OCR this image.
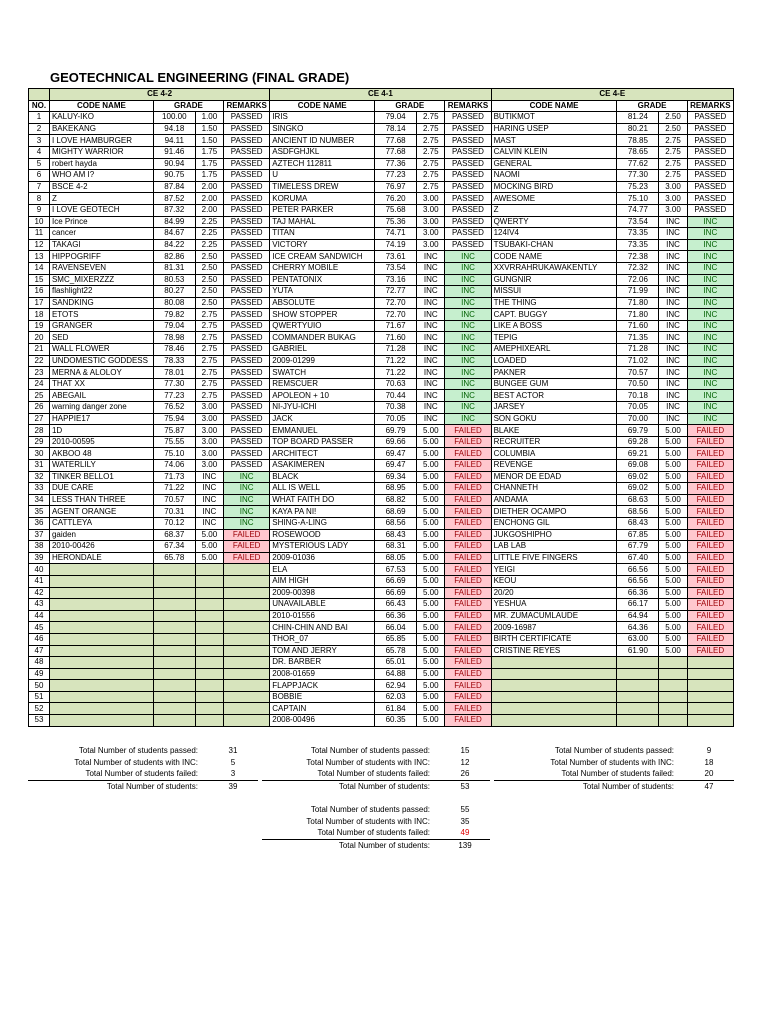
GEOTECHNICAL ENGINEERING (FINAL GRADE)
	CE 4-2				CE 4-1				CE 4-E			
NO.	CODE NAME	GRADE		REMARKS	CODE NAME	GRADE		REMARKS	CODE NAME	GRADE		REMARKS
1	KALUY-IKO	100.00	1.00	PASSED	IRIS	79.04	2.75	PASSED	BUTIKMOT	81.24	2.50	PASSED
2	BAKEKANG	94.18	1.50	PASSED	SINGKO	78.14	2.75	PASSED	HARING USEP	80.21	2.50	PASSED
3	I LOVE HAMBURGER	94.11	1.50	PASSED	ANCIENT ID NUMBER	77.68	2.75	PASSED	MAST	78.85	2.75	PASSED
4	MIGHTY WARRIOR	91.46	1.75	PASSED	ASDFGHJKL	77.68	2.75	PASSED	CALVIN KLEIN	78.65	2.75	PASSED
5	robert hayda	90.94	1.75	PASSED	AZTECH 112811	77.36	2.75	PASSED	GENERAL	77.62	2.75	PASSED
6	WHO AM I?	90.75	1.75	PASSED	U	77.23	2.75	PASSED	NAOMI	77.30	2.75	PASSED
7	BSCE 4-2	87.84	2.00	PASSED	TIMELESS DREW	76.97	2.75	PASSED	MOCKING BIRD	75.23	3.00	PASSED
8	Z	87.52	2.00	PASSED	KORUMA	76.20	3.00	PASSED	AWESOME	75.10	3.00	PASSED
9	I LOVE GEOTECH	87.32	2.00	PASSED	PETER PARKER	75.68	3.00	PASSED	Z	74.77	3.00	PASSED
10	Ice Prince	84.99	2.25	PASSED	TAJ MAHAL	75.36	3.00	PASSED	QWERTY	73.54	INC	INC
11	cancer	84.67	2.25	PASSED	TITAN	74.71	3.00	PASSED	124IV4	73.35	INC	INC
12	TAKAGI	84.22	2.25	PASSED	VICTORY	74.19	3.00	PASSED	TSUBAKI-CHAN	73.35	INC	INC
13	HIPPOGRIFF	82.86	2.50	PASSED	ICE CREAM SANDWICH	73.61	INC	INC	CODE NAME	72.38	INC	INC
14	RAVENSEVEN	81.31	2.50	PASSED	CHERRY MOBILE	73.54	INC	INC	XXVRRAHRUKAWAKENTLY	72.32	INC	INC
15	SMC_MIXERZZZ	80.53	2.50	PASSED	PENTATONIX	73.16	INC	INC	GUNGNIR	72.06	INC	INC
16	flashlight22	80.27	2.50	PASSED	YUTA	72.77	INC	INC	MISSUI	71.99	INC	INC
17	SANDKING	80.08	2.50	PASSED	ABSOLUTE	72.70	INC	INC	THE THING	71.80	INC	INC
18	ETOTS	79.82	2.75	PASSED	SHOW STOPPER	72.70	INC	INC	CAPT. BUGGY	71.80	INC	INC
19	GRANGER	79.04	2.75	PASSED	QWERTYUIO	71.67	INC	INC	LIKE A BOSS	71.60	INC	INC
20	SED	78.98	2.75	PASSED	COMMANDER BUKAG	71.60	INC	INC	TEPIG	71.35	INC	INC
21	WALL FLOWER	78.46	2.75	PASSED	GABRIEL	71.28	INC	INC	AMEPHIXEARL	71.28	INC	INC
22	UNDOMESTIC GODDESS	78.33	2.75	PASSED	2009-01299	71.22	INC	INC	LOADED	71.02	INC	INC
23	MERNA & ALOLOY	78.01	2.75	PASSED	SWATCH	71.22	INC	INC	PAKNER	70.57	INC	INC
24	THAT XX	77.30	2.75	PASSED	REMSCUER	70.63	INC	INC	BUNGEE GUM	70.50	INC	INC
25	ABEGAIL	77.23	2.75	PASSED	APOLEON + 10	70.44	INC	INC	BEST ACTOR	70.18	INC	INC
26	warning danger zone	76.52	3.00	PASSED	NI-JYU-ICHI	70.38	INC	INC	JARSEY	70.05	INC	INC
27	HAPPIE17	75.94	3.00	PASSED	JACK	70.05	INC	INC	SON GOKU	70.00	INC	INC
28	1D	75.87	3.00	PASSED	EMMANUEL	69.79	5.00	FAILED	BLAKE	69.79	5.00	FAILED
29	2010-00595	75.55	3.00	PASSED	TOP BOARD PASSER	69.66	5.00	FAILED	RECRUITER	69.28	5.00	FAILED
30	AKBOO 48	75.10	3.00	PASSED	ARCHITECT	69.47	5.00	FAILED	COLUMBIA	69.21	5.00	FAILED
31	WATERLILY	74.06	3.00	PASSED	ASAKIMEREN	69.47	5.00	FAILED	REVENGE	69.08	5.00	FAILED
32	TINKER BELLO1	71.73	INC	INC	BLACK	69.34	5.00	FAILED	MENOR DE EDAD	69.02	5.00	FAILED
33	DUE CARE	71.22	INC	INC	ALL IS WELL	68.95	5.00	FAILED	CHANNETH	69.02	5.00	FAILED
34	LESS THAN THREE	70.57	INC	INC	WHAT FAITH DO	68.82	5.00	FAILED	ANDAMA	68.63	5.00	FAILED
35	AGENT ORANGE	70.31	INC	INC	KAYA PA NI!	68.69	5.00	FAILED	DIETHER OCAMPO	68.56	5.00	FAILED
36	CATTLEYA	70.12	INC	INC	SHING-A-LING	68.56	5.00	FAILED	ENCHONG GIL	68.43	5.00	FAILED
37	gaiden	68.37	5.00	FAILED	ROSEWOOD	68.43	5.00	FAILED	JUKGOSHIPHO	67.85	5.00	FAILED
38	2010-00426	67.34	5.00	FAILED	MYSTERIOUS LADY	68.31	5.00	FAILED	LAB LAB	67.79	5.00	FAILED
39	HERONDALE	65.78	5.00	FAILED	2009-01036	68.05	5.00	FAILED	LITTLE FIVE FINGERS	67.40	5.00	FAILED
40					ELA	67.53	5.00	FAILED	YEIGI	66.56	5.00	FAILED
41					AIM HIGH	66.69	5.00	FAILED	KEOU	66.56	5.00	FAILED
42					2009-00398	66.69	5.00	FAILED	20/20	66.36	5.00	FAILED
43					UNAVAILABLE	66.43	5.00	FAILED	YESHUA	66.17	5.00	FAILED
44					2010-01556	66.36	5.00	FAILED	MR. ZUMACUMLAUDE	64.94	5.00	FAILED
45					CHIN-CHIN AND BAI	66.04	5.00	FAILED	2009-16987	64.36	5.00	FAILED
46					THOR_07	65.85	5.00	FAILED	BIRTH CERTIFICATE	63.00	5.00	FAILED
47					TOM AND JERRY	65.78	5.00	FAILED	CRISTINE REYES	61.90	5.00	FAILED
48					DR. BARBER	65.01	5.00	FAILED				
49					2008-01659	64.88	5.00	FAILED				
50					FLAPPJACK	62.94	5.00	FAILED				
51					BOBBIE	62.03	5.00	FAILED				
52					CAPTAIN	61.84	5.00	FAILED				
53					2008-00496	60.35	5.00	FAILED				
Total Number of students passed:	31
Total Number of students with INC:	5
Total Number of students failed:	3
Total Number of students:	39
Total Number of students passed:	15
Total Number of students with INC:	12
Total Number of students failed:	26
Total Number of students:	53
Total Number of students passed:	9
Total Number of students with INC:	18
Total Number of students failed:	20
Total Number of students:	47
Total Number of students passed:	55
Total Number of students with INC:	35
Total Number of students failed:	49
Total Number of students:	139
